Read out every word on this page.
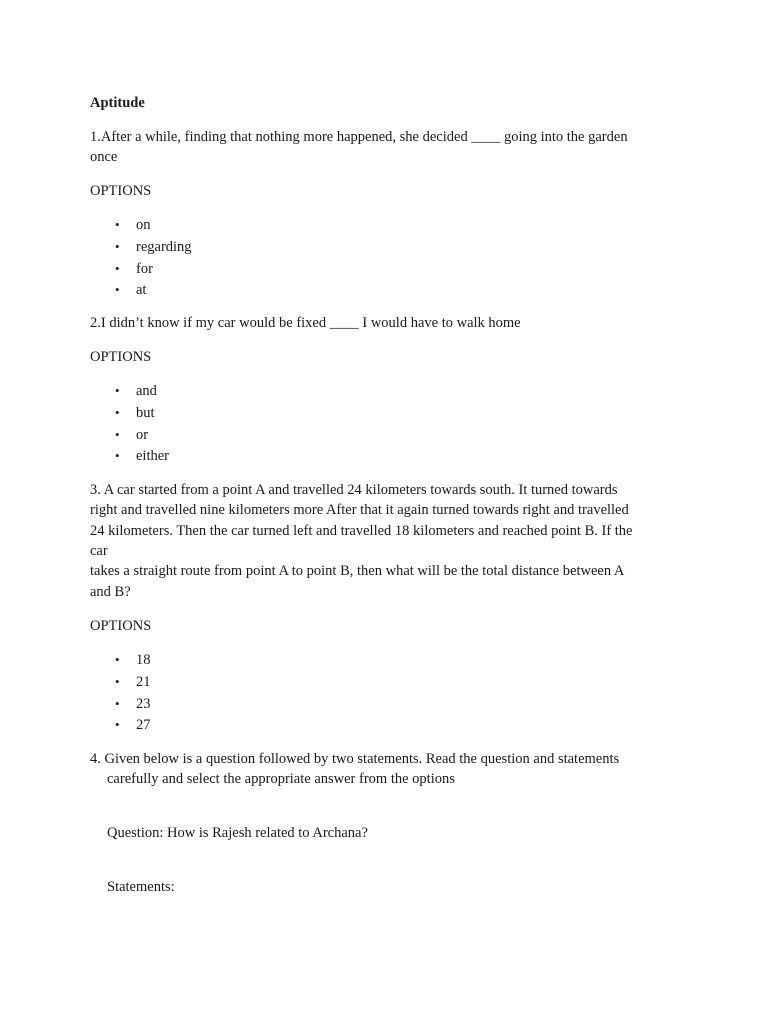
Aptitude
1.After a while, finding that nothing more happened, she decided ____ going into the garden
once
OPTIONS
• on
• regarding
• for
• at
2.I didn’t know if my car would be fixed ____ I would have to walk home
OPTIONS
• and
• but
• or
• either
3. A car started from a point A and travelled 24 kilometers towards south. It turned towards
right and travelled nine kilometers more After that it again turned towards right and travelled
24 kilometers. Then the car turned left and travelled 18 kilometers and reached point B. If the
car
takes a straight route from point A to point B, then what will be the total distance between A
and B?
OPTIONS
• 18
• 21
• 23
• 27
4. Given below is a question followed by two statements. Read the question and statements
carefully and select the appropriate answer from the options
Question: How is Rajesh related to Archana?
Statements:
